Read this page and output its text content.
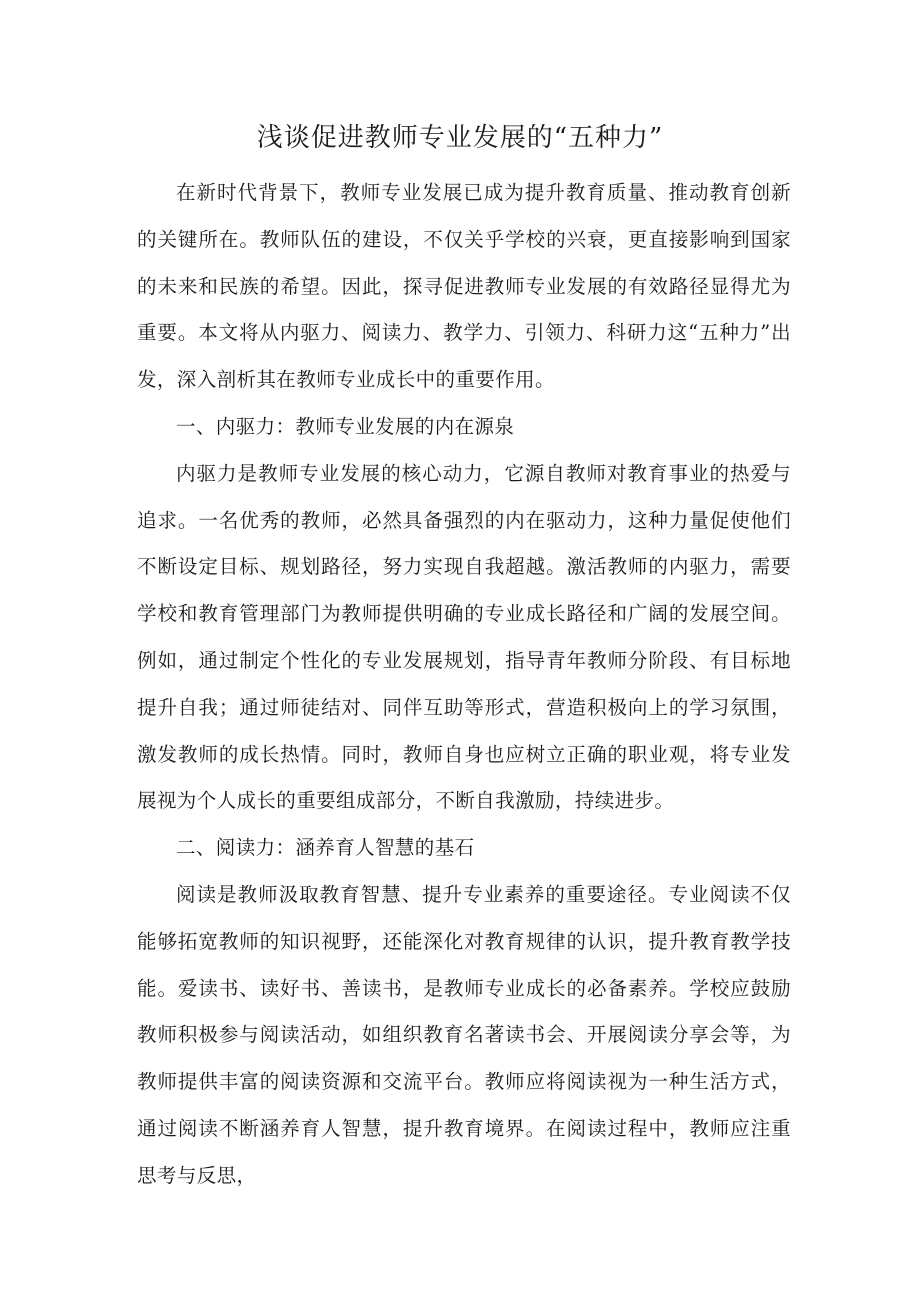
浅谈促进教师专业发展的“五种力”

在新时代背景下，教师专业发展已成为提升教育质量、推动教育创新的关键所在。教师队伍的建设，不仅关乎学校的兴衰，更直接影响到国家的未来和民族的希望。因此，探寻促进教师专业发展的有效路径显得尤为重要。本文将从内驱力、阅读力、教学力、引领力、科研力这“五种力”出发，深入剖析其在教师专业成长中的重要作用。

一、内驱力：教师专业发展的内在源泉

内驱力是教师专业发展的核心动力，它源自教师对教育事业的热爱与追求。一名优秀的教师，必然具备强烈的内在驱动力，这种力量促使他们不断设定目标、规划路径，努力实现自我超越。激活教师的内驱力，需要学校和教育管理部门为教师提供明确的专业成长路径和广阔的发展空间。例如，通过制定个性化的专业发展规划，指导青年教师分阶段、有目标地提升自我；通过师徒结对、同伴互助等形式，营造积极向上的学习氛围，激发教师的成长热情。同时，教师自身也应树立正确的职业观，将专业发展视为个人成长的重要组成部分，不断自我激励，持续进步。

二、阅读力：涵养育人智慧的基石

阅读是教师汲取教育智慧、提升专业素养的重要途径。专业阅读不仅能够拓宽教师的知识视野，还能深化对教育规律的认识，提升教育教学技能。爱读书、读好书、善读书，是教师专业成长的必备素养。学校应鼓励教师积极参与阅读活动，如组织教育名著读书会、开展阅读分享会等，为教师提供丰富的阅读资源和交流平台。教师应将阅读视为一种生活方式，通过阅读不断涵养育人智慧，提升教育境界。在阅读过程中，教师应注重思考与反思，
